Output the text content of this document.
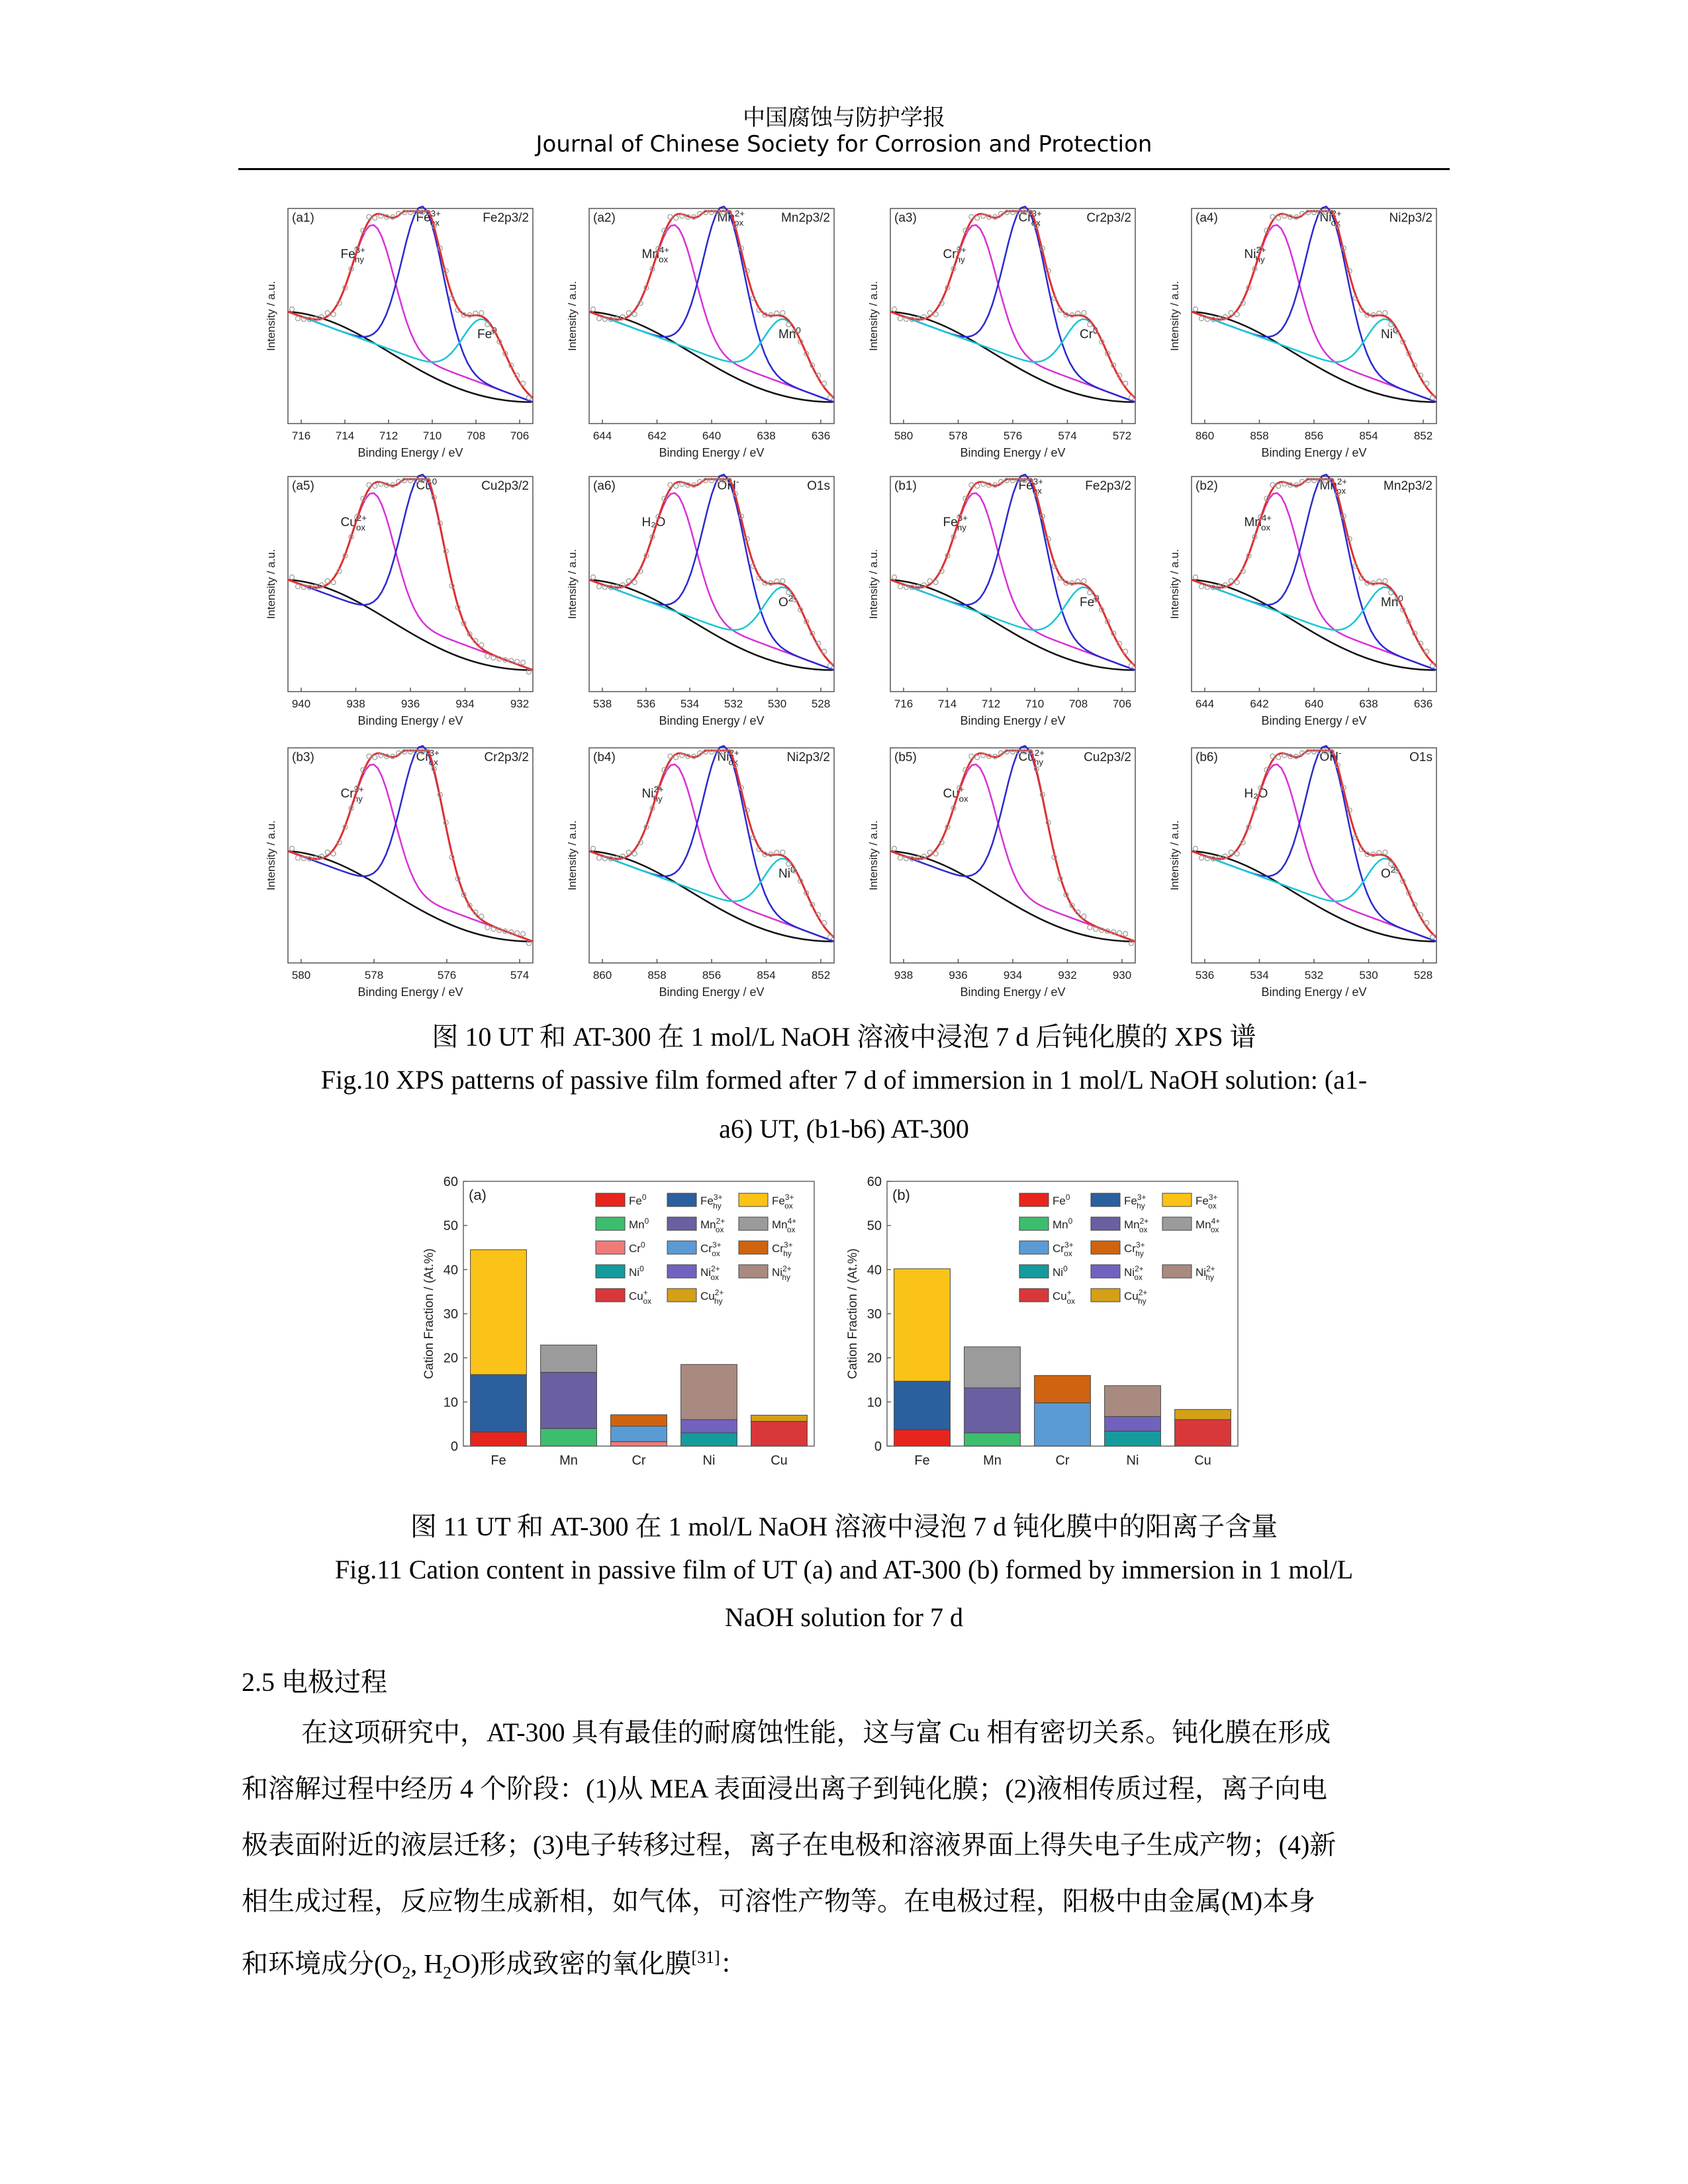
中国腐蚀与防护学报
Journal of Chinese Society for Corrosion and Protection
(a1)	Fe2p3/2
Intensity / a.u.
Binding Energy / eV
716 714 712 710 708 706
$Fe^{3+}$ hy
$Fe^{3+}$ ox
Fe$^0$
(a2)	Mn2p3/2
Intensity / a.u.
Binding Energy / eV
644	642	640	638	636
$Mn^{4+}$ ox
$Mn^{2+}$ ox
Mn$^0$
(a3)	Cr2p3/2
Intensity / a.u.
Binding Energy / eV
580	578	576	574	572
$Cr^{3+}$ hy
$Cr^{3+}$ ox
Cr$^0$
(a4)	Ni2p3/2
Intensity / a.u.
Binding Energy / eV
860	858	856	854	852
$Ni^{2+}$ hy
$Ni^{2+}$ ox
Ni$^0$
(a5)	Cu2p3/2
Intensity / a.u.
Binding Energy / eV
940	938	936	934	932
$Cu^{2+}$ ox
Cu$^0$	(a6)	O1s
Intensity / a.u.
Binding Energy / eV
538 536 534 532 530 528
H₂O
OH-
$O^{2-}$
(b1)	Fe2p3/2
Intensity / a.u.
Binding Energy / eV
716 714 712 710 708 706
$Fe^{3+}$ hy
$Fe^{3+}$ ox
Fe$^0$
(b2)	Mn2p3/2
Intensity / a.u.
Binding Energy / eV
644	642	640	638	636
$Mn^{4+}$ ox
$Mn^{2+}$ ox
Mn$^0$
(b3)	Cr2p3/2
Intensity / a.u.
Binding Energy / eV
580	578	576	574
$Cr^{3+}$ hy
$Cr^{3+}$ ox	(b4)	Ni2p3/2
Intensity / a.u.
Binding Energy / eV
860	858	856	854	852
$Ni^{2+}$ hy
$Ni^{2+}$ ox
Ni$^0$
(b5)	Cu2p3/2
Intensity / a.u.
Binding Energy / eV
938	936	934	932	930
Cu+ ox
$Cu^{2+}$ hy	(b6)	O1s
Intensity / a.u.
Binding Energy / eV
536	534	532	530	528
H₂O
OH-
$O^{2-}$
图 10 UT 和 AT-300 在 1 mol/L NaOH 溶液中浸泡 7 d 后钝化膜的 XPS 谱
Fig.10 XPS patterns of passive film formed after 7 d of immersion in 1 mol/L NaOH solution: (a1-
a6) UT, (b1-b6) AT-300
0
10
20
30
40
50
60
Cation Fraction / (At.%)
(a)
Fe	Mn	Cr	Ni	Cu
Fe$^0$	$Fe^{3+}$ hy	$Fe^{3+}$ ox
Mn$^0$	$Mn^{2+}$ ox	$Mn^{4+}$ ox
Cr$^0$	$Cr^{3+}$ ox	$Cr^{3+}$ hy
Ni$^0$	$Ni^{2+}$ ox	$Ni^{2+}$ hy
Cu+ ox	$Cu^{2+}$ hy
0
10
20
30
40
50
60
Cation Fraction / (At.%)
(b)
Fe	Mn	Cr	Ni	Cu
Fe$^0$	$Fe^{3+}$ hy	$Fe^{3+}$ ox
Mn$^0$	$Mn^{2+}$ ox	$Mn^{4+}$ ox
$Cr^{3+}$ ox	$Cr^{3+}$ hy
Ni$^0$	$Ni^{2+}$ ox	$Ni^{2+}$ hy
Cu+ ox	$Cu^{2+}$ hy
图 11 UT 和 AT-300 在 1 mol/L NaOH 溶液中浸泡 7 d 钝化膜中的阳离子含量
Fig.11 Cation content in passive film of UT (a) and AT-300 (b) formed by immersion in 1 mol/L
NaOH solution for 7 d
2.5 电极过程
在这项研究中，AT-300 具有最佳的耐腐蚀性能，这与富 Cu 相有密切关系。钝化膜在形成
和溶解过程中经历 4 个阶段：(1)从 MEA 表面浸出离子到钝化膜；(2)液相传质过程，离子向电
极表面附近的液层迁移；(3)电子转移过程，离子在电极和溶液界面上得失电子生成产物；(4)新
相生成过程，反应物生成新相，如气体，可溶性产物等。在电极过程，阳极中由金属(M)本身
和环境成分($O_2$, $H_2O$)形成致密的氧化膜[31]：
